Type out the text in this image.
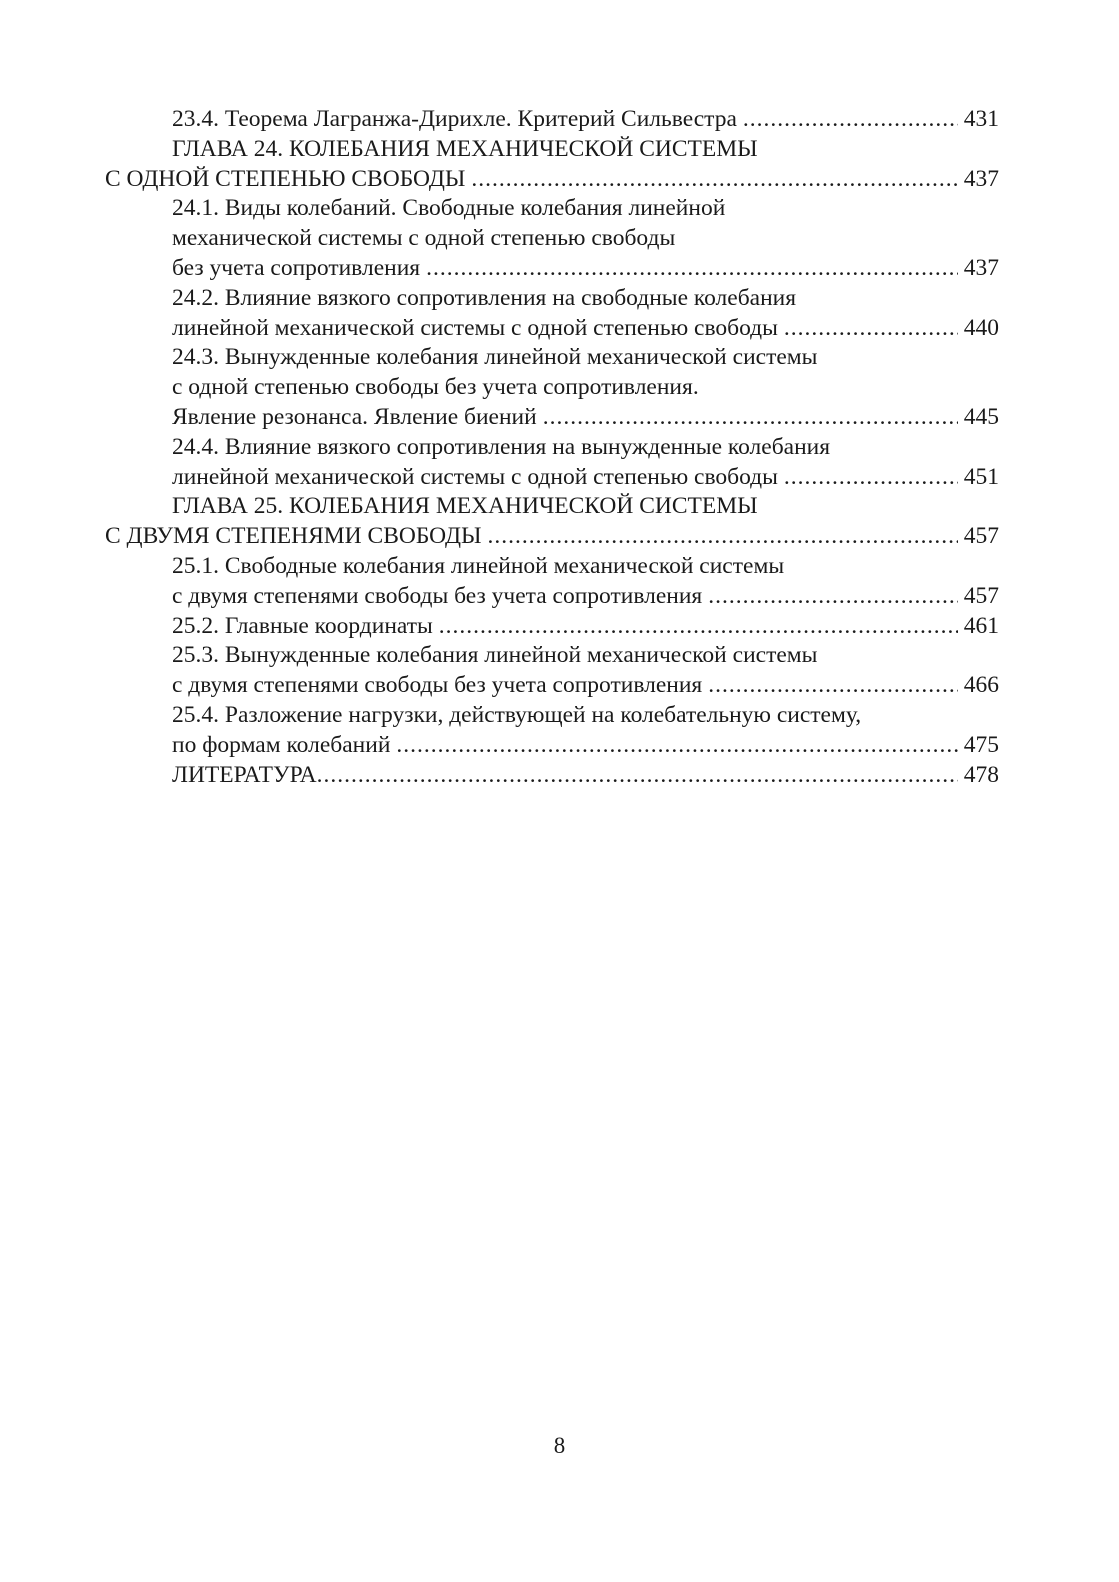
23.4. Теорема Лагранжа-Дирихле. Критерий Сильвестра .....	431
ГЛАВА 24. КОЛЕБАНИЯ МЕХАНИЧЕСКОЙ СИСТЕМЫ
С ОДНОЙ СТЕПЕНЬЮ СВОБОДЫ .....	437
24.1. Виды колебаний. Свободные колебания линейной
механической системы с одной степенью свободы
без учета сопротивления .....	437
24.2. Влияние вязкого сопротивления на свободные колебания
линейной механической системы с одной степенью свободы .....	440
24.3. Вынужденные колебания линейной механической системы
с одной степенью свободы без учета сопротивления.
Явление резонанса. Явление биений .....	445
24.4. Влияние вязкого сопротивления на вынужденные колебания
линейной механической системы с одной степенью свободы .....	451
ГЛАВА 25. КОЛЕБАНИЯ МЕХАНИЧЕСКОЙ СИСТЕМЫ
С ДВУМЯ СТЕПЕНЯМИ СВОБОДЫ .....	457
25.1. Свободные колебания линейной механической системы
с двумя степенями свободы без учета сопротивления .....	457
25.2. Главные координаты .....	461
25.3. Вынужденные колебания линейной механической системы
с двумя степенями свободы без учета сопротивления .....	466
25.4. Разложение нагрузки, действующей на колебательную систему,
по формам колебаний .....	475
ЛИТЕРАТУРА .....	478
8
